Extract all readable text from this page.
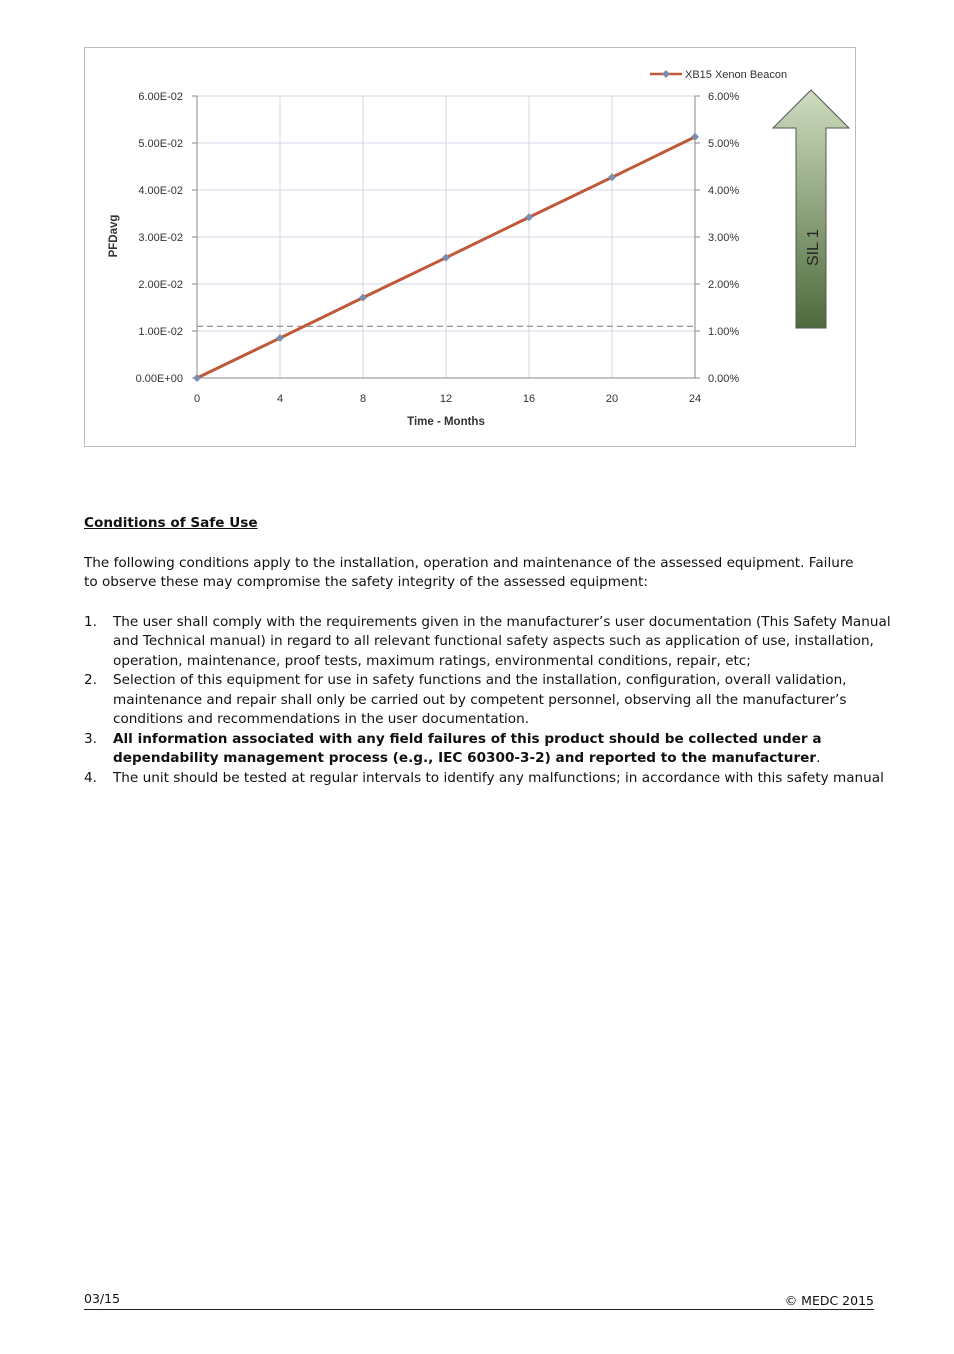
0.00E+00	0.00%
1.00E-02	1.00%
2.00E-02	2.00%
3.00E-02	3.00%
4.00E-02	4.00%
5.00E-02	5.00%
6.00E-02	6.00%
0	4	8	12	16	20	24
XB15 Xenon Beacon
SIL 1
PFDavg
Time - Months
Conditions of Safe Use
The following conditions apply to the installation, operation and maintenance of the assessed equipment. Failure to observe these may compromise the safety integrity of the assessed equipment:
1. The user shall comply with the requirements given in the manufacturer’s user documentation (This Safety Manual and Technical manual) in regard to all relevant functional safety aspects such as application of use, installation, operation, maintenance, proof tests, maximum ratings, environmental conditions, repair, etc;
2. Selection of this equipment for use in safety functions and the installation, configuration, overall validation, maintenance and repair shall only be carried out by competent personnel, observing all the manufacturer’s conditions and recommendations in the user documentation.
3. All information associated with any field failures of this product should be collected under a dependability management process (e.g., IEC 60300-3-2) and reported to the manufacturer.
4. The unit should be tested at regular intervals to identify any malfunctions; in accordance with this safety manual
03/15	© MEDC 2015
